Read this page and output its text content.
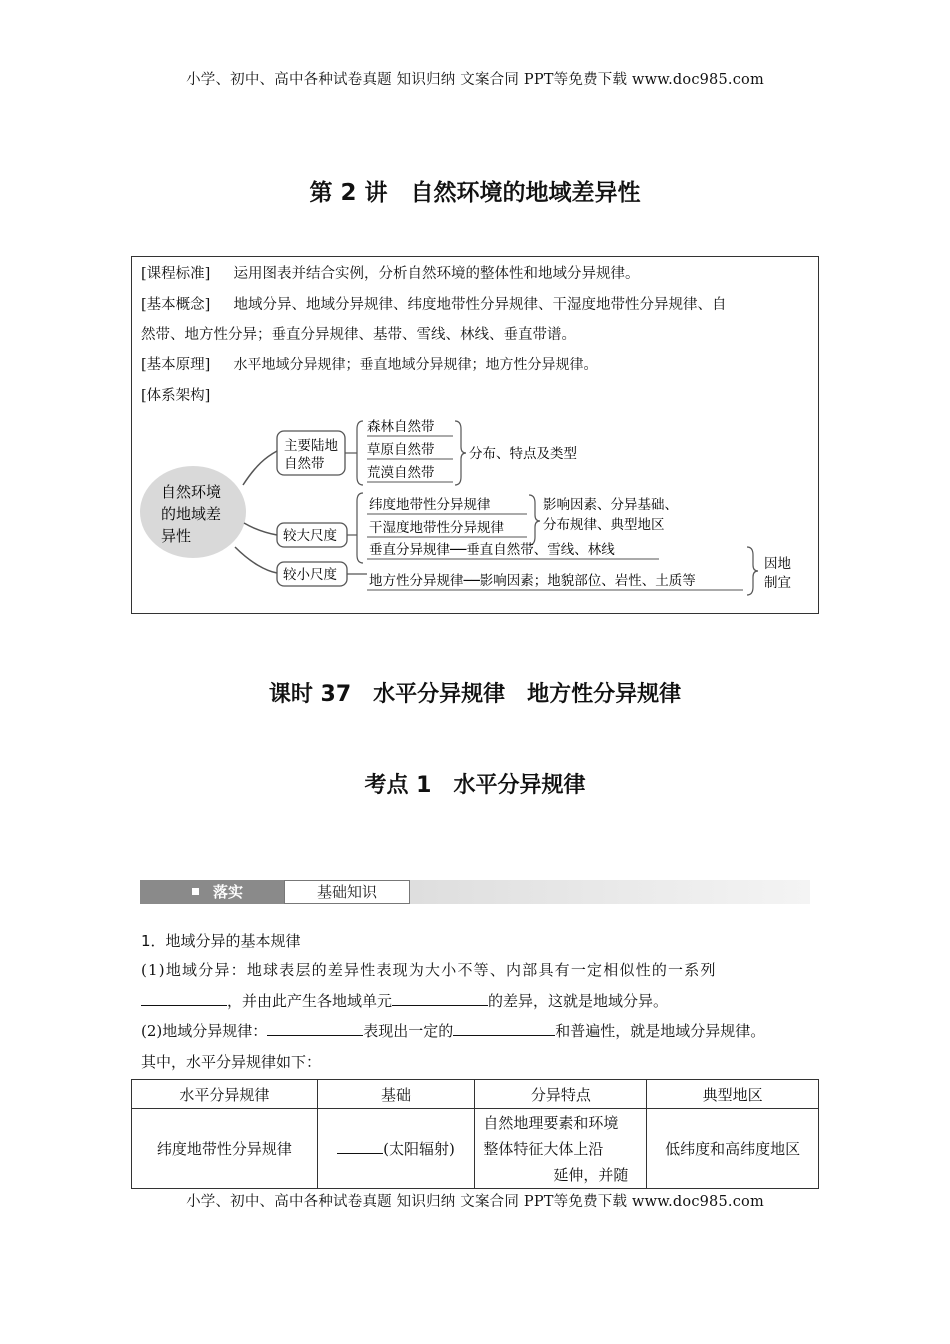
小学、初中、高中各种试卷真题 知识归纳 文案合同 PPT等免费下载 www.doc985.com
第 2 讲　自然环境的地域差异性
[课程标准] 运用图表并结合实例，分析自然环境的整体性和地域分异规律。
[基本概念] 地域分异、地域分异规律、纬度地带性分异规律、干湿度地带性分异规律、自
然带、地方性分异；垂直分异规律、基带、雪线、林线、垂直带谱。
[基本原理] 水平地域分异规律；垂直地域分异规律；地方性分异规律。
[体系架构]
自然环境
的地域差
异性
主要陆地
自然带
较大尺度
较小尺度
森林自然带
草原自然带
荒漠自然带
分布、特点及类型
纬度地带性分异规律
干湿度地带性分异规律
影响因素、分异基础、
分布规律、典型地区
垂直分异规律──垂直自然带、雪线、林线
地方性分异规律──影响因素；地貌部位、岩性、土质等
因地
制宜
课时 37　水平分异规律　地方性分异规律
考点 1　水平分异规律
落实	基础知识
1．地域分异的基本规律
(1)地域分异：地球表层的差异性表现为大小不等、内部具有一定相似性的一系列
，并由此产生各地域单元	的差异，这就是地域分异。
(2)地域分异规律：	表现出一定的	和普遍性，就是地域分异规律。
其中，水平分异规律如下：
水平分异规律	基础	分异特点	典型地区
纬度地带性分异规律	(太阳辐射)	自然地理要素和环境
整体特征大体上沿
延伸，并随	低纬度和高纬度地区
小学、初中、高中各种试卷真题 知识归纳 文案合同 PPT等免费下载 www.doc985.com
